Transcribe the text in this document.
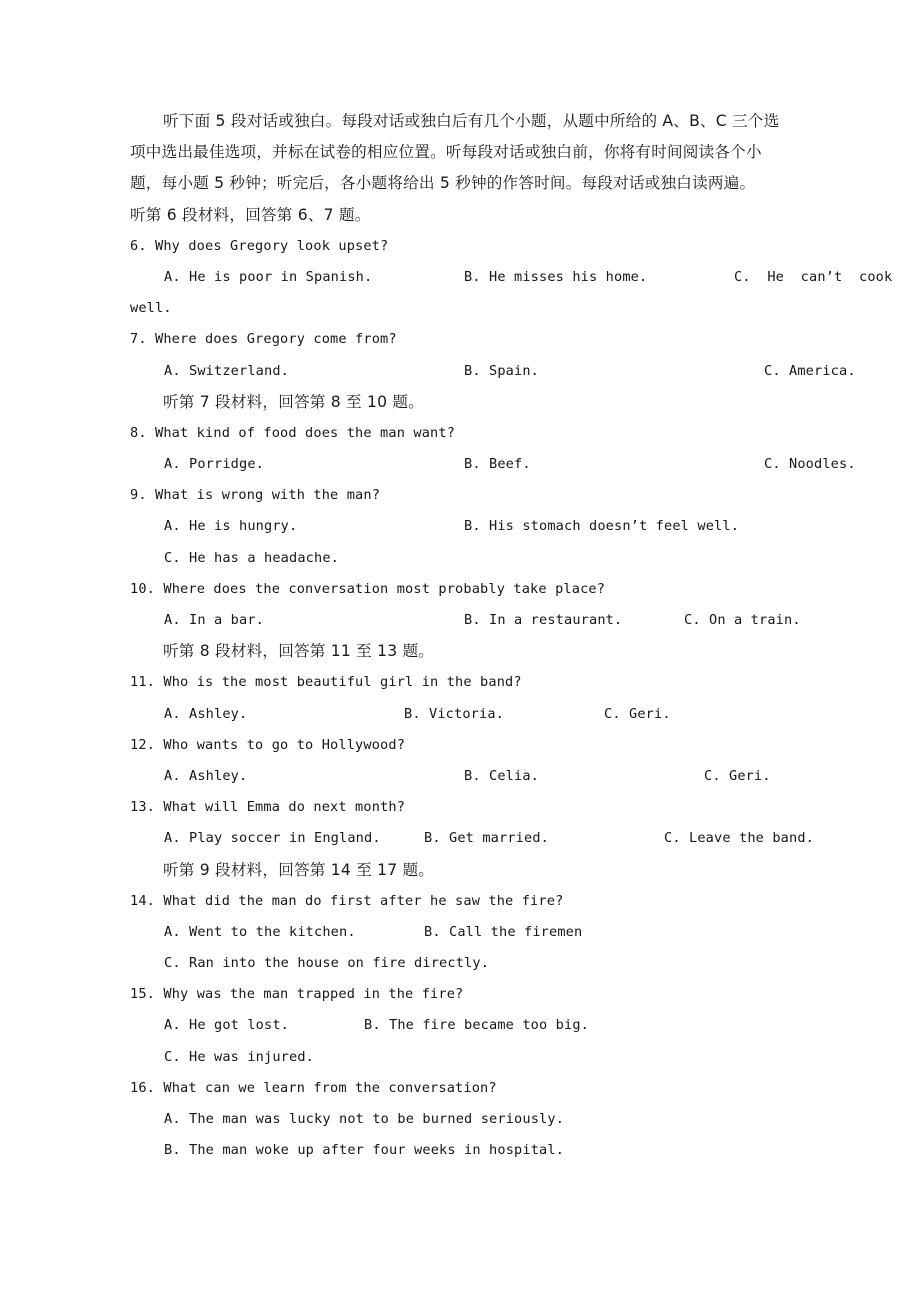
听下面 5 段对话或独白。每段对话或独白后有几个小题，从题中所给的 A、B、C 三个选
项中选出最佳选项，并标在试卷的相应位置。听每段对话或独白前，你将有时间阅读各个小
题，每小题 5 秒钟；听完后，各小题将给出 5 秒钟的作答时间。每段对话或独白读两遍。
听第 6 段材料，回答第 6、7 题。
6. Why does Gregory look upset?
A. He is poor in Spanish.	B. He misses his home.	C.  He  can’t  cook
well.
7. Where does Gregory come from?
A. Switzerland.	B. Spain.	C. America.
听第 7 段材料，回答第 8 至 10 题。
8. What kind of food does the man want?
A. Porridge.	B. Beef.	C. Noodles.
9. What is wrong with the man?
A. He is hungry.	B. His stomach doesn’t feel well.
C. He has a headache.
10. Where does the conversation most probably take place?
A. In a bar.	B. In a restaurant.	C. On a train.
听第 8 段材料，回答第 11 至 13 题。
11. Who is the most beautiful girl in the band?
A. Ashley.	B. Victoria.	C. Geri.
12. Who wants to go to Hollywood?
A. Ashley.	B. Celia.	C. Geri.
13. What will Emma do next month?
A. Play soccer in England.	B. Get married.	C. Leave the band.
听第 9 段材料，回答第 14 至 17 题。
14. What did the man do first after he saw the fire?
A. Went to the kitchen.	B. Call the firemen
C. Ran into the house on fire directly.
15. Why was the man trapped in the fire?
A. He got lost.	B. The fire became too big.
C. He was injured.
16. What can we learn from the conversation?
A. The man was lucky not to be burned seriously.
B. The man woke up after four weeks in hospital.
